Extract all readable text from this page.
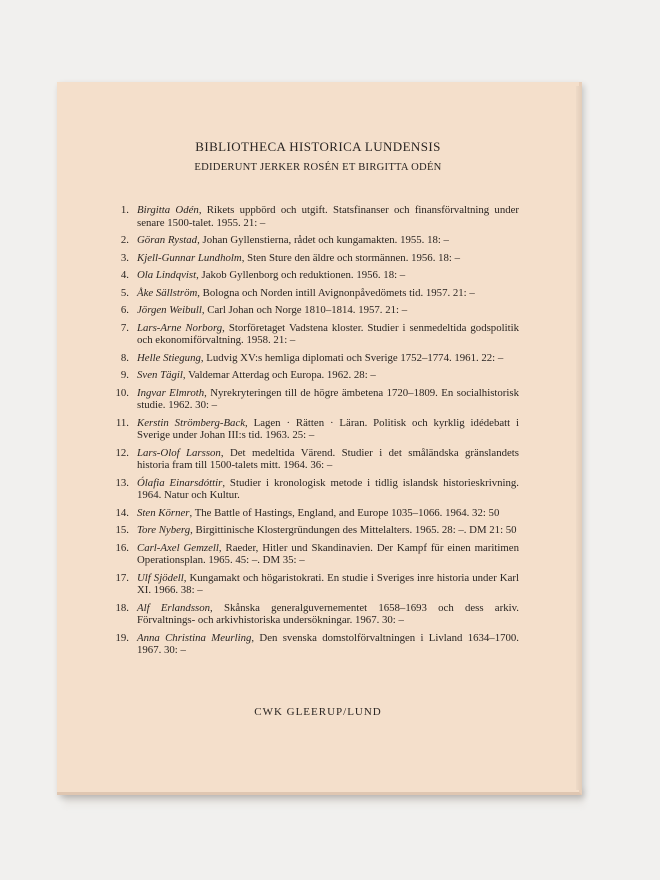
BIBLIOTHECA HISTORICA LUNDENSIS
EDIDERUNT JERKER ROSÉN ET BIRGITTA ODÉN
1. Birgitta Odén, Rikets uppbörd och utgift. Statsfinanser och finansförvaltning under senare 1500-talet. 1955. 21: –
2. Göran Rystad, Johan Gyllenstierna, rådet och kungamakten. 1955. 18: –
3. Kjell-Gunnar Lundholm, Sten Sture den äldre och stormännen. 1956. 18: –
4. Ola Lindqvist, Jakob Gyllenborg och reduktionen. 1956. 18: –
5. Åke Sällström, Bologna och Norden intill Avignonpåvedömets tid. 1957. 21: –
6. Jörgen Weibull, Carl Johan och Norge 1810–1814. 1957. 21: –
7. Lars-Arne Norborg, Storföretaget Vadstena kloster. Studier i senmedeltida godspolitik och ekonomiförvaltning. 1958. 21: –
8. Helle Stiegung, Ludvig XV:s hemliga diplomati och Sverige 1752–1774. 1961. 22: –
9. Sven Tägil, Valdemar Atterdag och Europa. 1962. 28: –
10. Ingvar Elmroth, Nyrekryteringen till de högre ämbetena 1720–1809. En socialhistorisk studie. 1962. 30: –
11. Kerstin Strömberg-Back, Lagen · Rätten · Läran. Politisk och kyrklig idédebatt i Sverige under Johan III:s tid. 1963. 25: –
12. Lars-Olof Larsson, Det medeltida Värend. Studier i det småländska gränslandets historia fram till 1500-talets mitt. 1964. 36: –
13. Ólafia Einarsdóttir, Studier i kronologisk metode i tidlig islandsk historieskrivning. 1964. Natur och Kultur.
14. Sten Körner, The Battle of Hastings, England, and Europe 1035–1066. 1964. 32: 50
15. Tore Nyberg, Birgittinische Klostergründungen des Mittelalters. 1965. 28: –. DM 21: 50
16. Carl-Axel Gemzell, Raeder, Hitler und Skandinavien. Der Kampf für einen maritimen Operationsplan. 1965. 45: –. DM 35: –
17. Ulf Sjödell, Kungamakt och högaristokrati. En studie i Sveriges inre historia under Karl XI. 1966. 38: –
18. Alf Erlandsson, Skånska generalguvernementet 1658–1693 och dess arkiv. Förvaltnings- och arkivhistoriska undersökningar. 1967. 30: –
19. Anna Christina Meurling, Den svenska domstolförvaltningen i Livland 1634–1700. 1967. 30: –
CWK GLEERUP/LUND
